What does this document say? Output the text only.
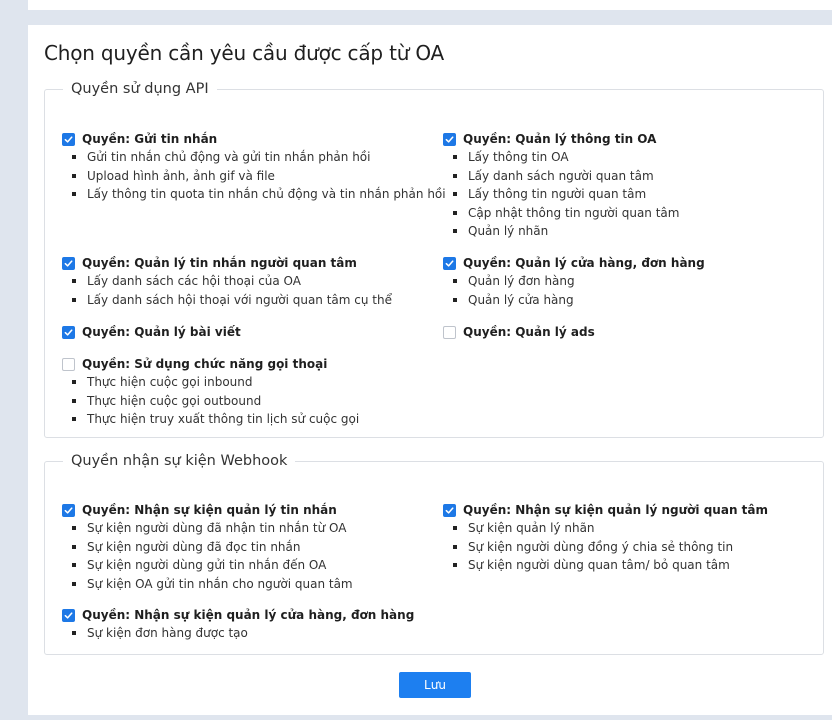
Chọn quyền cần yêu cầu được cấp từ OA
Quyền sử dụng API
Quyền: Gửi tin nhắn
Gửi tin nhắn chủ động và gửi tin nhắn phản hồi
Upload hình ảnh, ảnh gif và file
Lấy thông tin quota tin nhắn chủ động và tin nhắn phản hồi
Quyền: Quản lý thông tin OA
Lấy thông tin OA
Lấy danh sách người quan tâm
Lấy thông tin người quan tâm
Cập nhật thông tin người quan tâm
Quản lý nhãn
Quyền: Quản lý tin nhắn người quan tâm
Lấy danh sách các hội thoại của OA
Lấy danh sách hội thoại với người quan tâm cụ thể
Quyền: Quản lý cửa hàng, đơn hàng
Quản lý đơn hàng
Quản lý cửa hàng
Quyền: Quản lý bài viết	Quyền: Quản lý ads
Quyền: Sử dụng chức năng gọi thoại
Thực hiện cuộc gọi inbound
Thực hiện cuộc gọi outbound
Thực hiện truy xuất thông tin lịch sử cuộc gọi
Quyền nhận sự kiện Webhook
Quyền: Nhận sự kiện quản lý tin nhắn
Sự kiện người dùng đã nhận tin nhắn từ OA
Sự kiện người dùng đã đọc tin nhắn
Sự kiện người dùng gửi tin nhắn đến OA
Sự kiện OA gửi tin nhắn cho người quan tâm
Quyền: Nhận sự kiện quản lý người quan tâm
Sự kiện quản lý nhãn
Sự kiện người dùng đồng ý chia sẻ thông tin
Sự kiện người dùng quan tâm/ bỏ quan tâm
Quyền: Nhận sự kiện quản lý cửa hàng, đơn hàng
Sự kiện đơn hàng được tạo
Lưu
